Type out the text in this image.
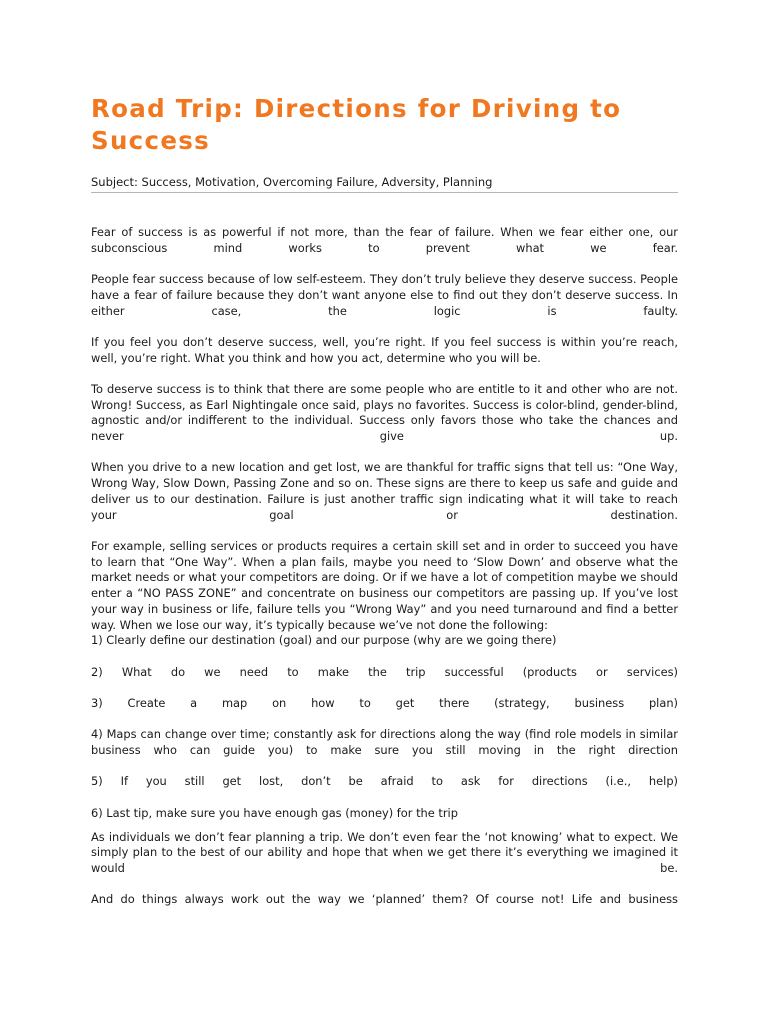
Road Trip: Directions for Driving to Success
Subject: Success, Motivation, Overcoming Failure, Adversity, Planning

Fear of success is as powerful if not more, than the fear of failure. When we fear either one, our subconscious mind works to prevent what we fear.

People fear success because of low self-esteem. They don’t truly believe they deserve success. People have a fear of failure because they don’t want anyone else to find out they don’t deserve success. In either case, the logic is faulty.

If you feel you don’t deserve success, well, you’re right. If you feel success is within you’re reach, well, you’re right. What you think and how you act, determine who you will be.

To deserve success is to think that there are some people who are entitle to it and other who are not. Wrong! Success, as Earl Nightingale once said, plays no favorites. Success is color-blind, gender-blind, agnostic and/or indifferent to the individual. Success only favors those who take the chances and never give up.

When you drive to a new location and get lost, we are thankful for traffic signs that tell us: “One Way, Wrong Way, Slow Down, Passing Zone and so on. These signs are there to keep us safe and guide and deliver us to our destination. Failure is just another traffic sign indicating what it will take to reach your goal or destination.

For example, selling services or products requires a certain skill set and in order to succeed you have to learn that “One Way”. When a plan fails, maybe you need to ‘Slow Down’ and observe what the market needs or what your competitors are doing. Or if we have a lot of competition maybe we should enter a “NO PASS ZONE” and concentrate on business our competitors are passing up. If you’ve lost your way in business or life, failure tells you “Wrong Way” and you need turnaround and find a better way. When we lose our way, it’s typically because we’ve not done the following:

1) Clearly define our destination (goal) and our purpose (why are we going there)

2) What do we need to make the trip successful (products or services)

3) Create a map on how to get there (strategy, business plan)

4) Maps can change over time; constantly ask for directions along the way (find role models in similar business who can guide you) to make sure you still moving in the right direction

5) If you still get lost, don’t be afraid to ask for directions (i.e., help)

6) Last tip, make sure you have enough gas (money) for the trip

As individuals we don’t fear planning a trip. We don’t even fear the ‘not knowing’ what to expect. We simply plan to the best of our ability and hope that when we get there it’s everything we imagined it would be.

And do things always work out the way we ‘planned’ them? Of course not! Life and business
